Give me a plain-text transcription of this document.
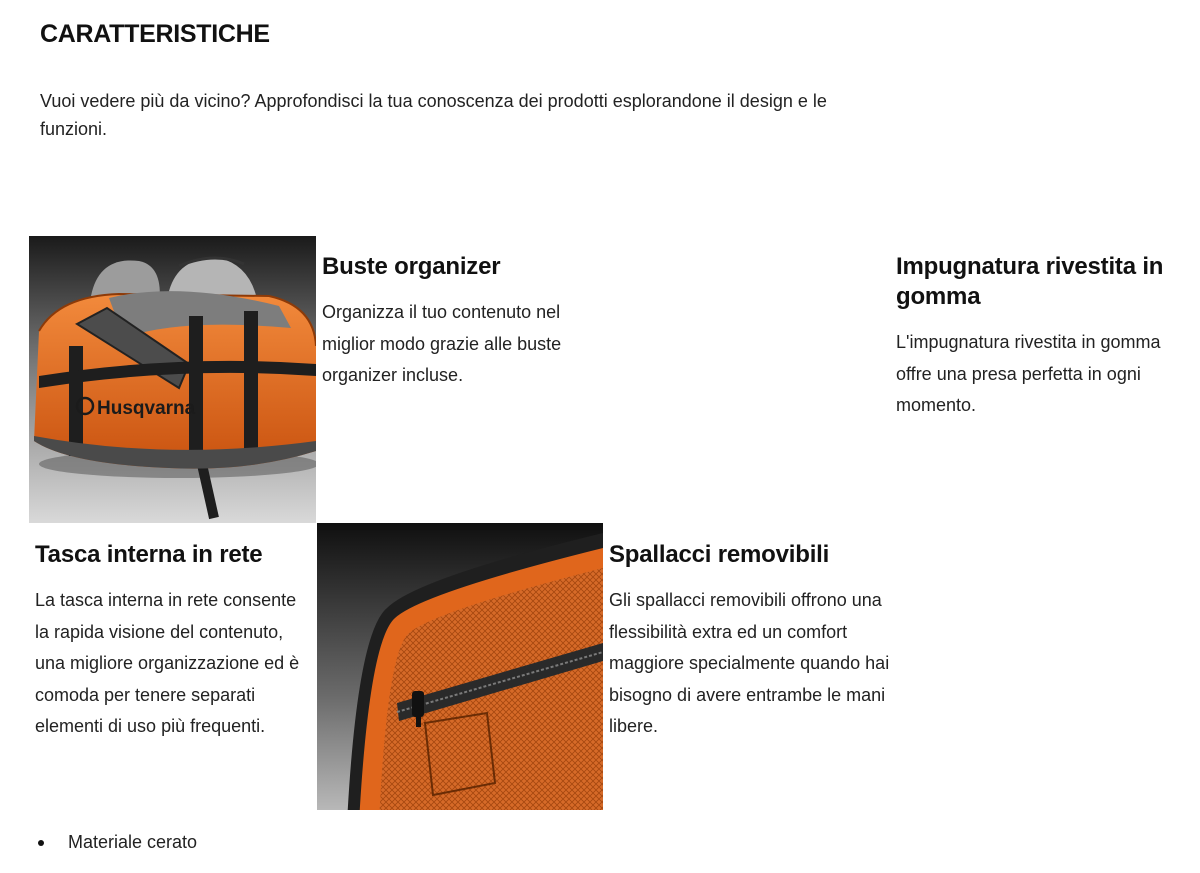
CARATTERISTICHE

Vuoi vedere più da vicino? Approfondisci la tua conoscenza dei prodotti esplorandone il design e le funzioni.

Husqvarna
Buste organizer

Organizza il tuo contenuto nel miglior modo grazie alle buste organizer incluse.

Impugnatura rivestita in gomma

L'impugnatura rivestita in gomma offre una presa perfetta in ogni momento.

Tasca interna in rete

La tasca interna in rete consente la rapida visione del contenuto, una migliore organizzazione ed è comoda per tenere separati elementi di uso più frequenti.

Spallacci removibili

Gli spallacci removibili offrono una flessibilità extra ed un comfort maggiore specialmente quando hai bisogno di avere entrambe le mani libere.

Materiale cerato
